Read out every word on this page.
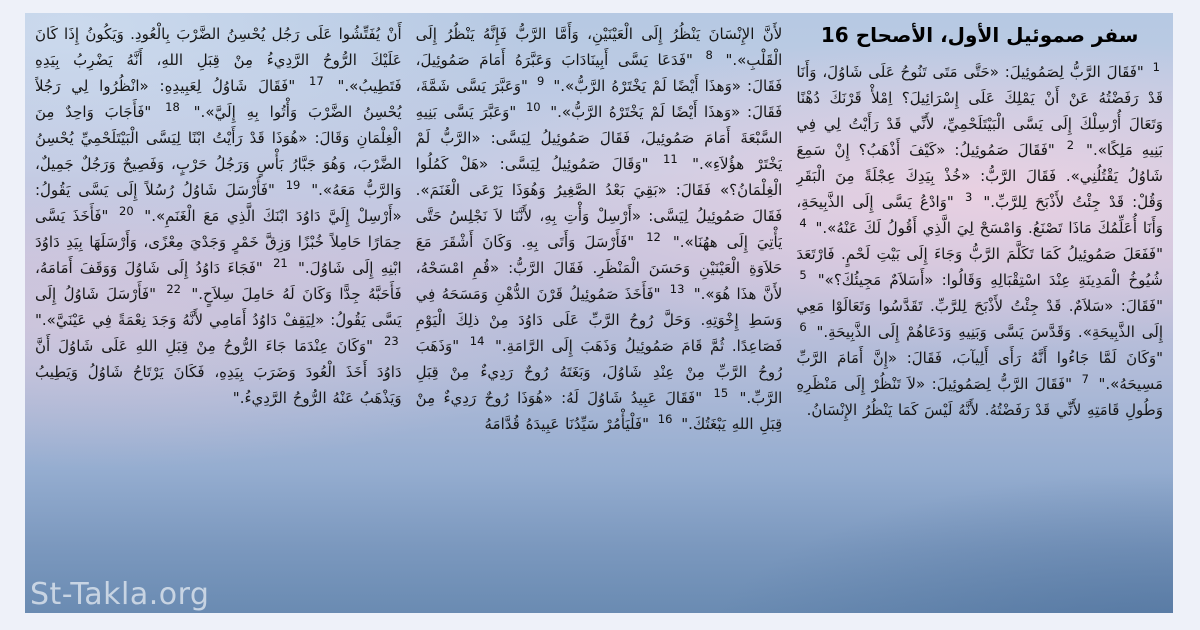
سفر صموئيل الأول، الأصحاح 16

$^1$ "فَقَالَ الرَّبُّ لِصَمُوئِيلَ: «حَتَّى مَتَى تَنُوحُ عَلَى شَاوُلَ، وَأَنَا قَدْ رَفَضْتُهُ عَنْ أَنْ يَمْلِكَ عَلَى إِسْرَائِيلَ؟ اِمْلأْ قَرْنَكَ دُهْنًا وَتَعَالَ أُرْسِلْكَ إِلَى يَسَّى الْبَيْتَلَحْمِيِّ، لأَنِّي قَدْ رَأَيْتُ لِي فِي بَنِيهِ مَلِكًا»." $^2$ "فَقَالَ صَمُوئِيلُ: «كَيْفَ أَذْهَبُ؟ إِنْ سَمِعَ شَاوُلُ يَقْتُلُنِي». فَقَالَ الرَّبُّ: «خُذْ بِيَدِكَ عِجْلَةً مِنَ الْبَقَرِ وَقُلْ: قَدْ جِئْتُ لأَذْبَحَ لِلرَّبِّ." $^3$ "وَادْعُ يَسَّى إِلَى الذَّبِيحَةِ، وَأَنَا أُعَلِّمُكَ مَاذَا تَصْنَعُ. وَامْسَحْ لِيَ الَّذِي أَقُولُ لَكَ عَنْهُ»." $^4$ "فَفَعَلَ صَمُوئِيلُ كَمَا تَكَلَّمَ الرَّبُّ وَجَاءَ إِلَى بَيْتِ لَحْمٍ. فَارْتَعَدَ شُيُوخُ الْمَدِينَةِ عِنْدَ اسْتِقْبَالِهِ وَقَالُوا: «أَسَلاَمٌ مَجِيئُكَ؟»" $^5$ "فَقَالَ: «سَلاَمٌ. قَدْ جِئْتُ لأَذْبَحَ لِلرَّبِّ. تَقَدَّسُوا وَتَعَالَوْا مَعِي إِلَى الذَّبِيحَةِ». وَقَدَّسَ يَسَّى وَبَنِيهِ وَدَعَاهُمْ إِلَى الذَّبِيحَةِ." $^6$ "وَكَانَ لَمَّا جَاءُوا أَنَّهُ رَأَى أَلِيآبَ، فَقَالَ: «إِنَّ أَمَامَ الرَّبِّ مَسِيحَهُ»." $^7$ "فَقَالَ الرَّبُّ لِصَمُوئِيلَ: «لاَ تَنْظُرْ إِلَى مَنْظَرِهِ وَطُولِ قَامَتِهِ لأَنِّي قَدْ رَفَضْتُهُ. لأَنَّهُ لَيْسَ كَمَا يَنْظُرُ الإِنْسَانُ.

لأَنَّ الإِنْسَانَ يَنْظُرُ إِلَى الْعَيْنَيْنِ، وَأَمَّا الرَّبُّ فَإِنَّهُ يَنْظُرُ إِلَى الْقَلْبِ»." $^8$ "فَدَعَا يَسَّى أَبِينَادَابَ وَعَبَّرَهُ أَمَامَ صَمُوئِيلَ، فَقَالَ: «وَهذَا أَيْضًا لَمْ يَخْتَرْهُ الرَّبُّ»." $^9$ "وَعَبَّرَ يَسَّى شَمَّةَ، فَقَالَ: «وَهذَا أَيْضًا لَمْ يَخْتَرْهُ الرَّبُّ»." $^{10}$ "وَعَبَّرَ يَسَّى بَنِيهِ السَّبْعَةَ أَمَامَ صَمُوئِيلَ، فَقَالَ صَمُوئِيلُ لِيَسَّى: «الرَّبُّ لَمْ يَخْتَرْ هؤُلاَءِ»." $^{11}$ "وَقَالَ صَمُوئِيلُ لِيَسَّى: «هَلْ كَمُلُوا الْغِلْمَانُ؟» فَقَالَ: «بَقِيَ بَعْدُ الصَّغِيرُ وَهُوَذَا يَرْعَى الْغَنَمَ». فَقَالَ صَمُوئِيلُ لِيَسَّى: «أَرْسِلْ وَأْتِ بِهِ، لأَنَّنَا لاَ نَجْلِسُ حَتَّى يَأْتِيَ إِلَى ههُنَا»." $^{12}$ "فَأَرْسَلَ وَأَتَى بِهِ. وَكَانَ أَشْقَرَ مَعَ حَلاَوَةِ الْعَيْنَيْنِ وَحَسَنَ الْمَنْظَرِ. فَقَالَ الرَّبُّ: «قُمِ امْسَحْهُ، لأَنَّ هذَا هُوَ»." $^{13}$ "فَأَخَذَ صَمُوئِيلُ قَرْنَ الدُّهْنِ وَمَسَحَهُ فِي وَسَطِ إِخْوَتِهِ. وَحَلَّ رُوحُ الرَّبِّ عَلَى دَاوُدَ مِنْ ذلِكَ الْيَوْمِ فَصَاعِدًا. ثُمَّ قَامَ صَمُوئِيلُ وَذَهَبَ إِلَى الرَّامَةِ." $^{14}$ "وَذَهَبَ رُوحُ الرَّبِّ مِنْ عِنْدِ شَاوُلَ، وَبَغَتَهُ رُوحٌ رَدِيءٌ مِنْ قِبَلِ الرَّبِّ." $^{15}$ "فَقَالَ عَبِيدُ شَاوُلَ لَهُ: «هُوَذَا رُوحٌ رَدِيءٌ مِنْ قِبَلِ اللهِ يَبْغَتُكَ." $^{16}$ "فَلْيَأْمُرْ سَيِّدُنَا عَبِيدَهُ قُدَّامَهُ

أَنْ يُفَتِّشُوا عَلَى رَجُل يُحْسِنُ الضَّرْبَ بِالْعُودِ. وَيَكُونُ إِذَا كَانَ عَلَيْكَ الرُّوحُ الرَّدِيءُ مِنْ قِبَلِ اللهِ، أَنَّهُ يَضْرِبُ بِيَدِهِ فَتَطِيبُ»." $^{17}$ "فَقَالَ شَاوُلُ لِعَبِيدِهِ: «انْظُرُوا لِي رَجُلاً يُحْسِنُ الضَّرْبَ وَأْتُوا بِهِ إِلَيَّ»." $^{18}$ "فَأَجَابَ وَاحِدٌ مِنَ الْغِلْمَانِ وَقَالَ: «هُوَذَا قَدْ رَأَيْتُ ابْنًا لِيَسَّى الْبَيْتَلَحْمِيِّ يُحْسِنُ الضَّرْبَ، وَهُوَ جَبَّارُ بَأْسٍ وَرَجُلُ حَرْبٍ، وَفَصِيحٌ وَرَجُلٌ جَمِيلٌ، وَالرَّبُّ مَعَهُ»." $^{19}$ "فَأَرْسَلَ شَاوُلُ رُسُلاً إِلَى يَسَّى يَقُولُ: «أَرْسِلْ إِلَيَّ دَاوُدَ ابْنَكَ الَّذِي مَعَ الْغَنَمِ»." $^{20}$ "فَأَخَذَ يَسَّى حِمَارًا حَامِلاً خُبْزًا وَزِقَّ خَمْرٍ وَجَدْيَ مِعْزًى، وَأَرْسَلَهَا بِيَدِ دَاوُدَ ابْنِهِ إِلَى شَاوُلَ." $^{21}$ "فَجَاءَ دَاوُدُ إِلَى شَاوُلَ وَوَقَفَ أَمَامَهُ، فَأَحَبَّهُ جِدًّا وَكَانَ لَهُ حَامِلَ سِلاَحٍ." $^{22}$ "فَأَرْسَلَ شَاوُلُ إِلَى يَسَّى يَقُولُ: «لِيَقِفْ دَاوُدُ أَمَامِي لأَنَّهُ وَجَدَ نِعْمَةً فِي عَيْنَيَّ»." $^{23}$ "وَكَانَ عِنْدَمَا جَاءَ الرُّوحُ مِنْ قِبَلِ اللهِ عَلَى شَاوُلَ أَنَّ دَاوُدَ أَخَذَ الْعُودَ وَضَرَبَ بِيَدِهِ، فَكَانَ يَرْتَاحُ شَاوُلُ وَيَطِيبُ وَيَذْهَبُ عَنْهُ الرُّوحُ الرَّدِيءُ."

St-Takla.org
